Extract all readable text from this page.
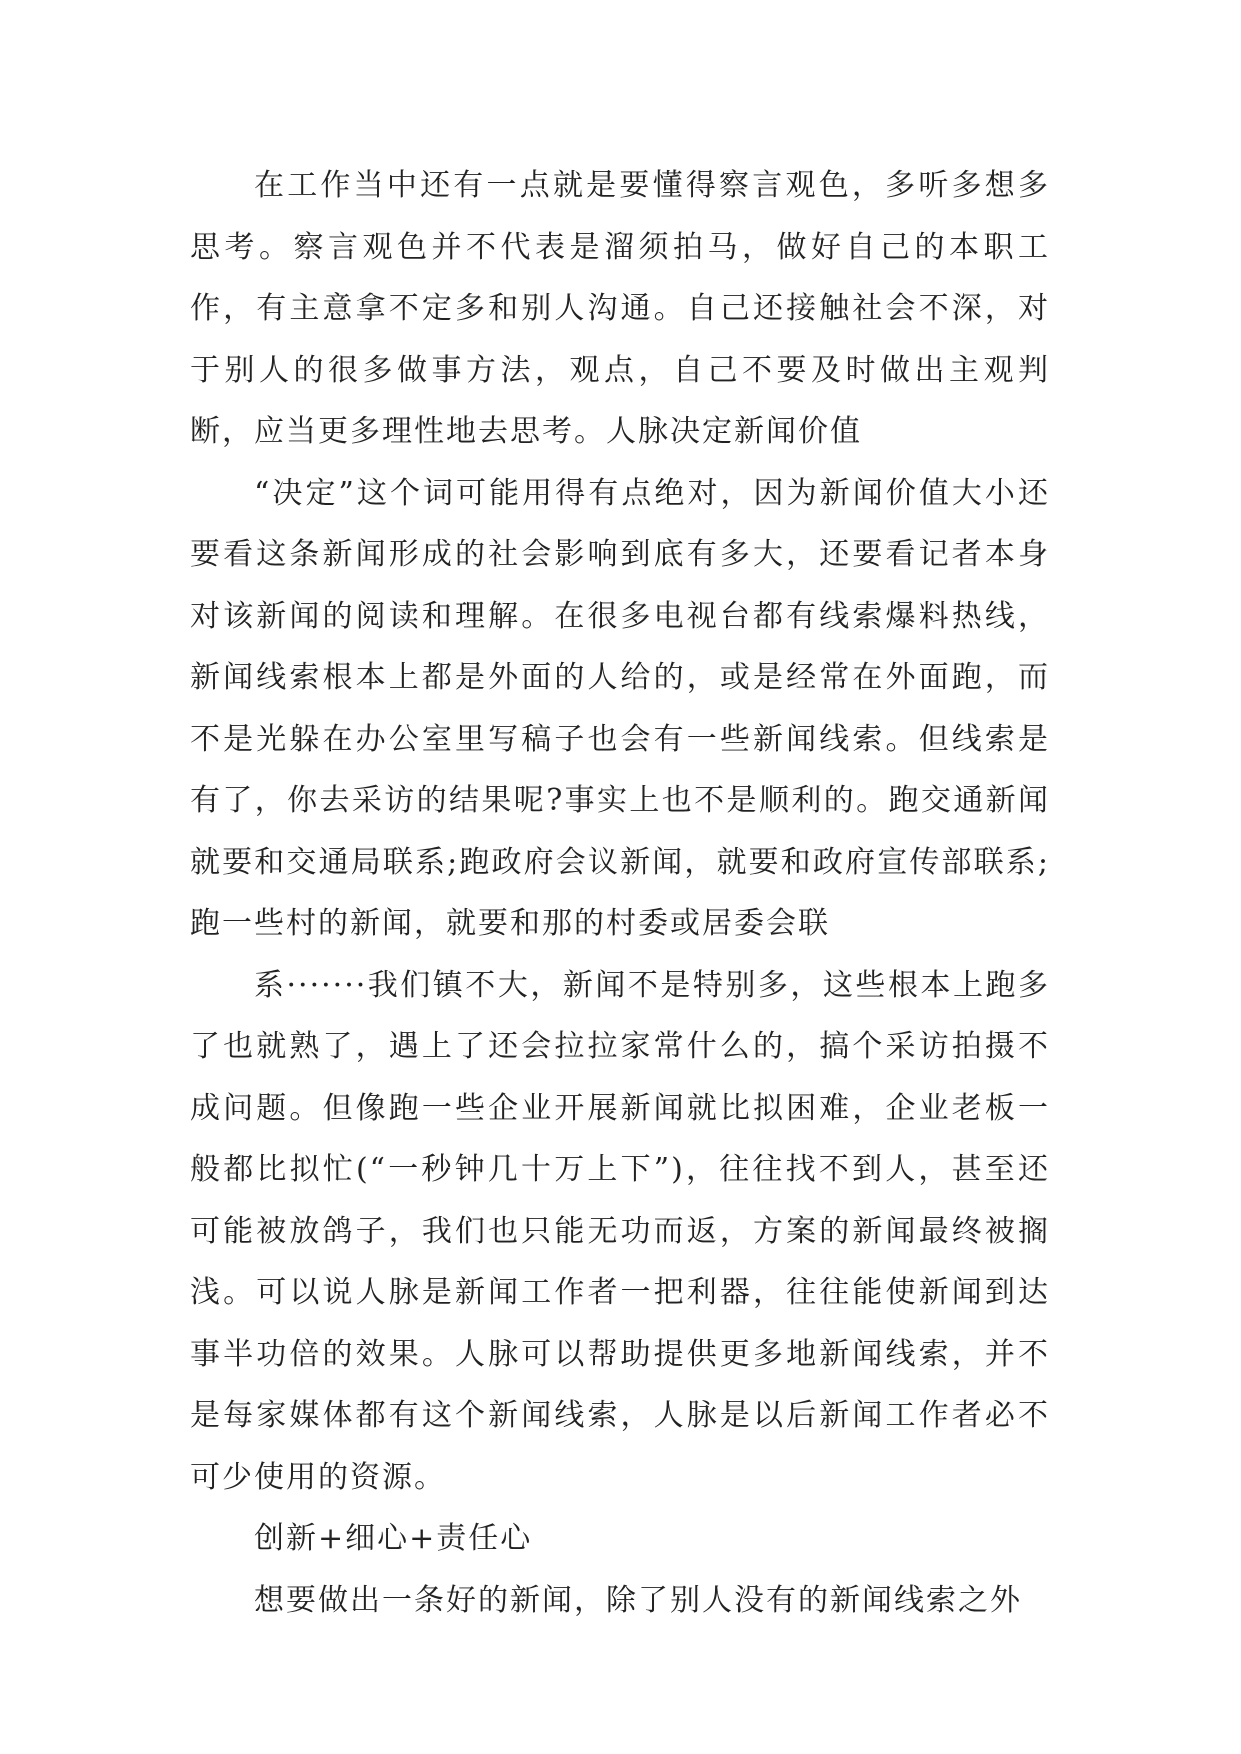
在工作当中还有一点就是要懂得察言观色，多听多想多思考。察言观色并不代表是溜须拍马，做好自己的本职工作，有主意拿不定多和别人沟通。自己还接触社会不深，对于别人的很多做事方法，观点，自己不要及时做出主观判断，应当更多理性地去思考。人脉决定新闻价值

“决定”这个词可能用得有点绝对，因为新闻价值大小还要看这条新闻形成的社会影响到底有多大，还要看记者本身对该新闻的阅读和理解。在很多电视台都有线索爆料热线，新闻线索根本上都是外面的人给的，或是经常在外面跑，而不是光躲在办公室里写稿子也会有一些新闻线索。但线索是有了，你去采访的结果呢?事实上也不是顺利的。跑交通新闻就要和交通局联系;跑政府会议新闻，就要和政府宣传部联系;跑一些村的新闻，就要和那的村委或居委会联

系·······我们镇不大，新闻不是特别多，这些根本上跑多了也就熟了，遇上了还会拉拉家常什么的，搞个采访拍摄不成问题。但像跑一些企业开展新闻就比拟困难，企业老板一般都比拟忙(“一秒钟几十万上下”)，往往找不到人，甚至还可能被放鸽子，我们也只能无功而返，方案的新闻最终被搁浅。可以说人脉是新闻工作者一把利器，往往能使新闻到达事半功倍的效果。人脉可以帮助提供更多地新闻线索，并不是每家媒体都有这个新闻线索，人脉是以后新闻工作者必不可少使用的资源。

创新+细心+责任心

想要做出一条好的新闻，除了别人没有的新闻线索之外
